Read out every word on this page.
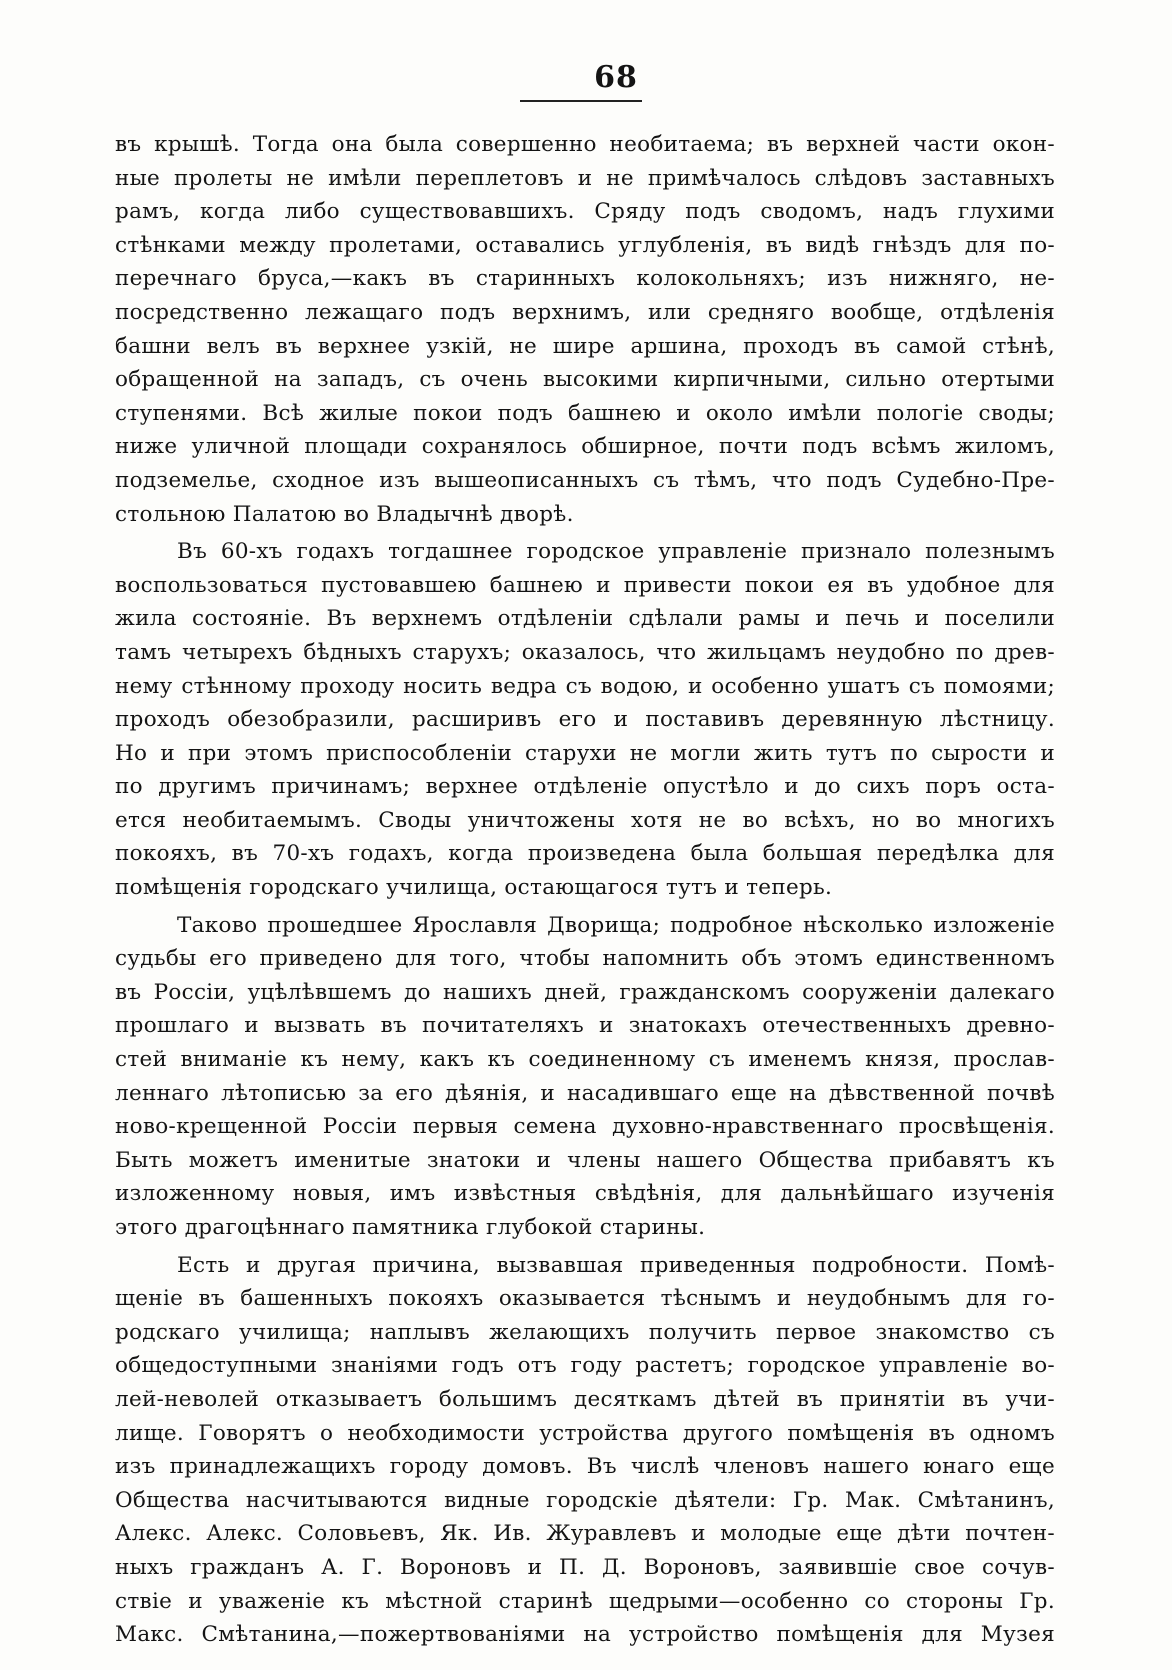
68
въ крышѣ. Тогда она была совершенно необитаема; въ верхней части окон-
ные пролеты не имѣли переплетовъ и не примѣчалось слѣдовъ заставныхъ
рамъ, когда либо существовавшихъ. Сряду подъ сводомъ, надъ глухими
стѣнками между пролетами, оставались углубленія, въ видѣ гнѣздъ для по-
перечнаго бруса,—какъ въ старинныхъ колокольняхъ; изъ нижняго, не-
посредственно лежащаго подъ верхнимъ, или средняго вообще, отдѣленія
башни велъ въ верхнее узкій, не шире аршина, проходъ въ самой стѣнѣ,
обращенной на западъ, съ очень высокими кирпичными, сильно отертыми
ступенями. Всѣ жилые покои подъ башнею и около имѣли пологіе своды;
ниже уличной площади сохранялось обширное, почти подъ всѣмъ жиломъ,
подземелье, сходное изъ вышеописанныхъ съ тѣмъ, что подъ Судебно-Пре-
стольною Палатою во Владычнѣ дворѣ.
Въ 60-хъ годахъ тогдашнее городское управленіе признало полезнымъ
воспользоваться пустовавшею башнею и привести покои ея въ удобное для
жила состояніе. Въ верхнемъ отдѣленіи сдѣлали рамы и печь и поселили
тамъ четырехъ бѣдныхъ старухъ; оказалось, что жильцамъ неудобно по древ-
нему стѣнному проходу носить ведра съ водою, и особенно ушатъ съ помоями;
проходъ обезобразили, расширивъ его и поставивъ деревянную лѣстницу.
Но и при этомъ приспособленіи старухи не могли жить тутъ по сырости и
по другимъ причинамъ; верхнее отдѣленіе опустѣло и до сихъ поръ оста-
ется необитаемымъ. Своды уничтожены хотя не во всѣхъ, но во многихъ
покояхъ, въ 70-хъ годахъ, когда произведена была большая передѣлка для
помѣщенія городскаго училища, остающагося тутъ и теперь.
Таково прошедшее Ярославля Дворища; подробное нѣсколько изложеніе
судьбы его приведено для того, чтобы напомнить объ этомъ единственномъ
въ Россіи, уцѣлѣвшемъ до нашихъ дней, гражданскомъ сооруженіи далекаго
прошлаго и вызвать въ почитателяхъ и знатокахъ отечественныхъ древно-
стей вниманіе къ нему, какъ къ соединенному съ именемъ князя, прослав-
леннаго лѣтописью за его дѣянія, и насадившаго еще на дѣвственной почвѣ
ново-крещенной Россіи первыя семена духовно-нравственнаго просвѣщенія.
Быть можетъ именитые знатоки и члены нашего Общества прибавятъ къ
изложенному новыя, имъ извѣстныя свѣдѣнія, для дальнѣйшаго изученія
этого драгоцѣннаго памятника глубокой старины.
Есть и другая причина, вызвавшая приведенныя подробности. Помѣ-
щеніе въ башенныхъ покояхъ оказывается тѣснымъ и неудобнымъ для го-
родскаго училища; наплывъ желающихъ получить первое знакомство съ
общедоступными знаніями годъ отъ году растетъ; городское управленіе во-
лей-неволей отказываетъ большимъ десяткамъ дѣтей въ принятіи въ учи-
лище. Говорятъ о необходимости устройства другого помѣщенія въ одномъ
изъ принадлежащихъ городу домовъ. Въ числѣ членовъ нашего юнаго еще
Общества насчитываются видные городскіе дѣятели: Гр. Мак. Смѣтанинъ,
Алекс. Алекс. Соловьевъ, Як. Ив. Журавлевъ и молодые еще дѣти почтен-
ныхъ гражданъ А. Г. Вороновъ и П. Д. Вороновъ, заявившіе свое сочув-
ствіе и уваженіе къ мѣстной старинѣ щедрыми—особенно со стороны Гр.
Макс. Смѣтанина,—пожертвованіями на устройство помѣщенія для Музея
